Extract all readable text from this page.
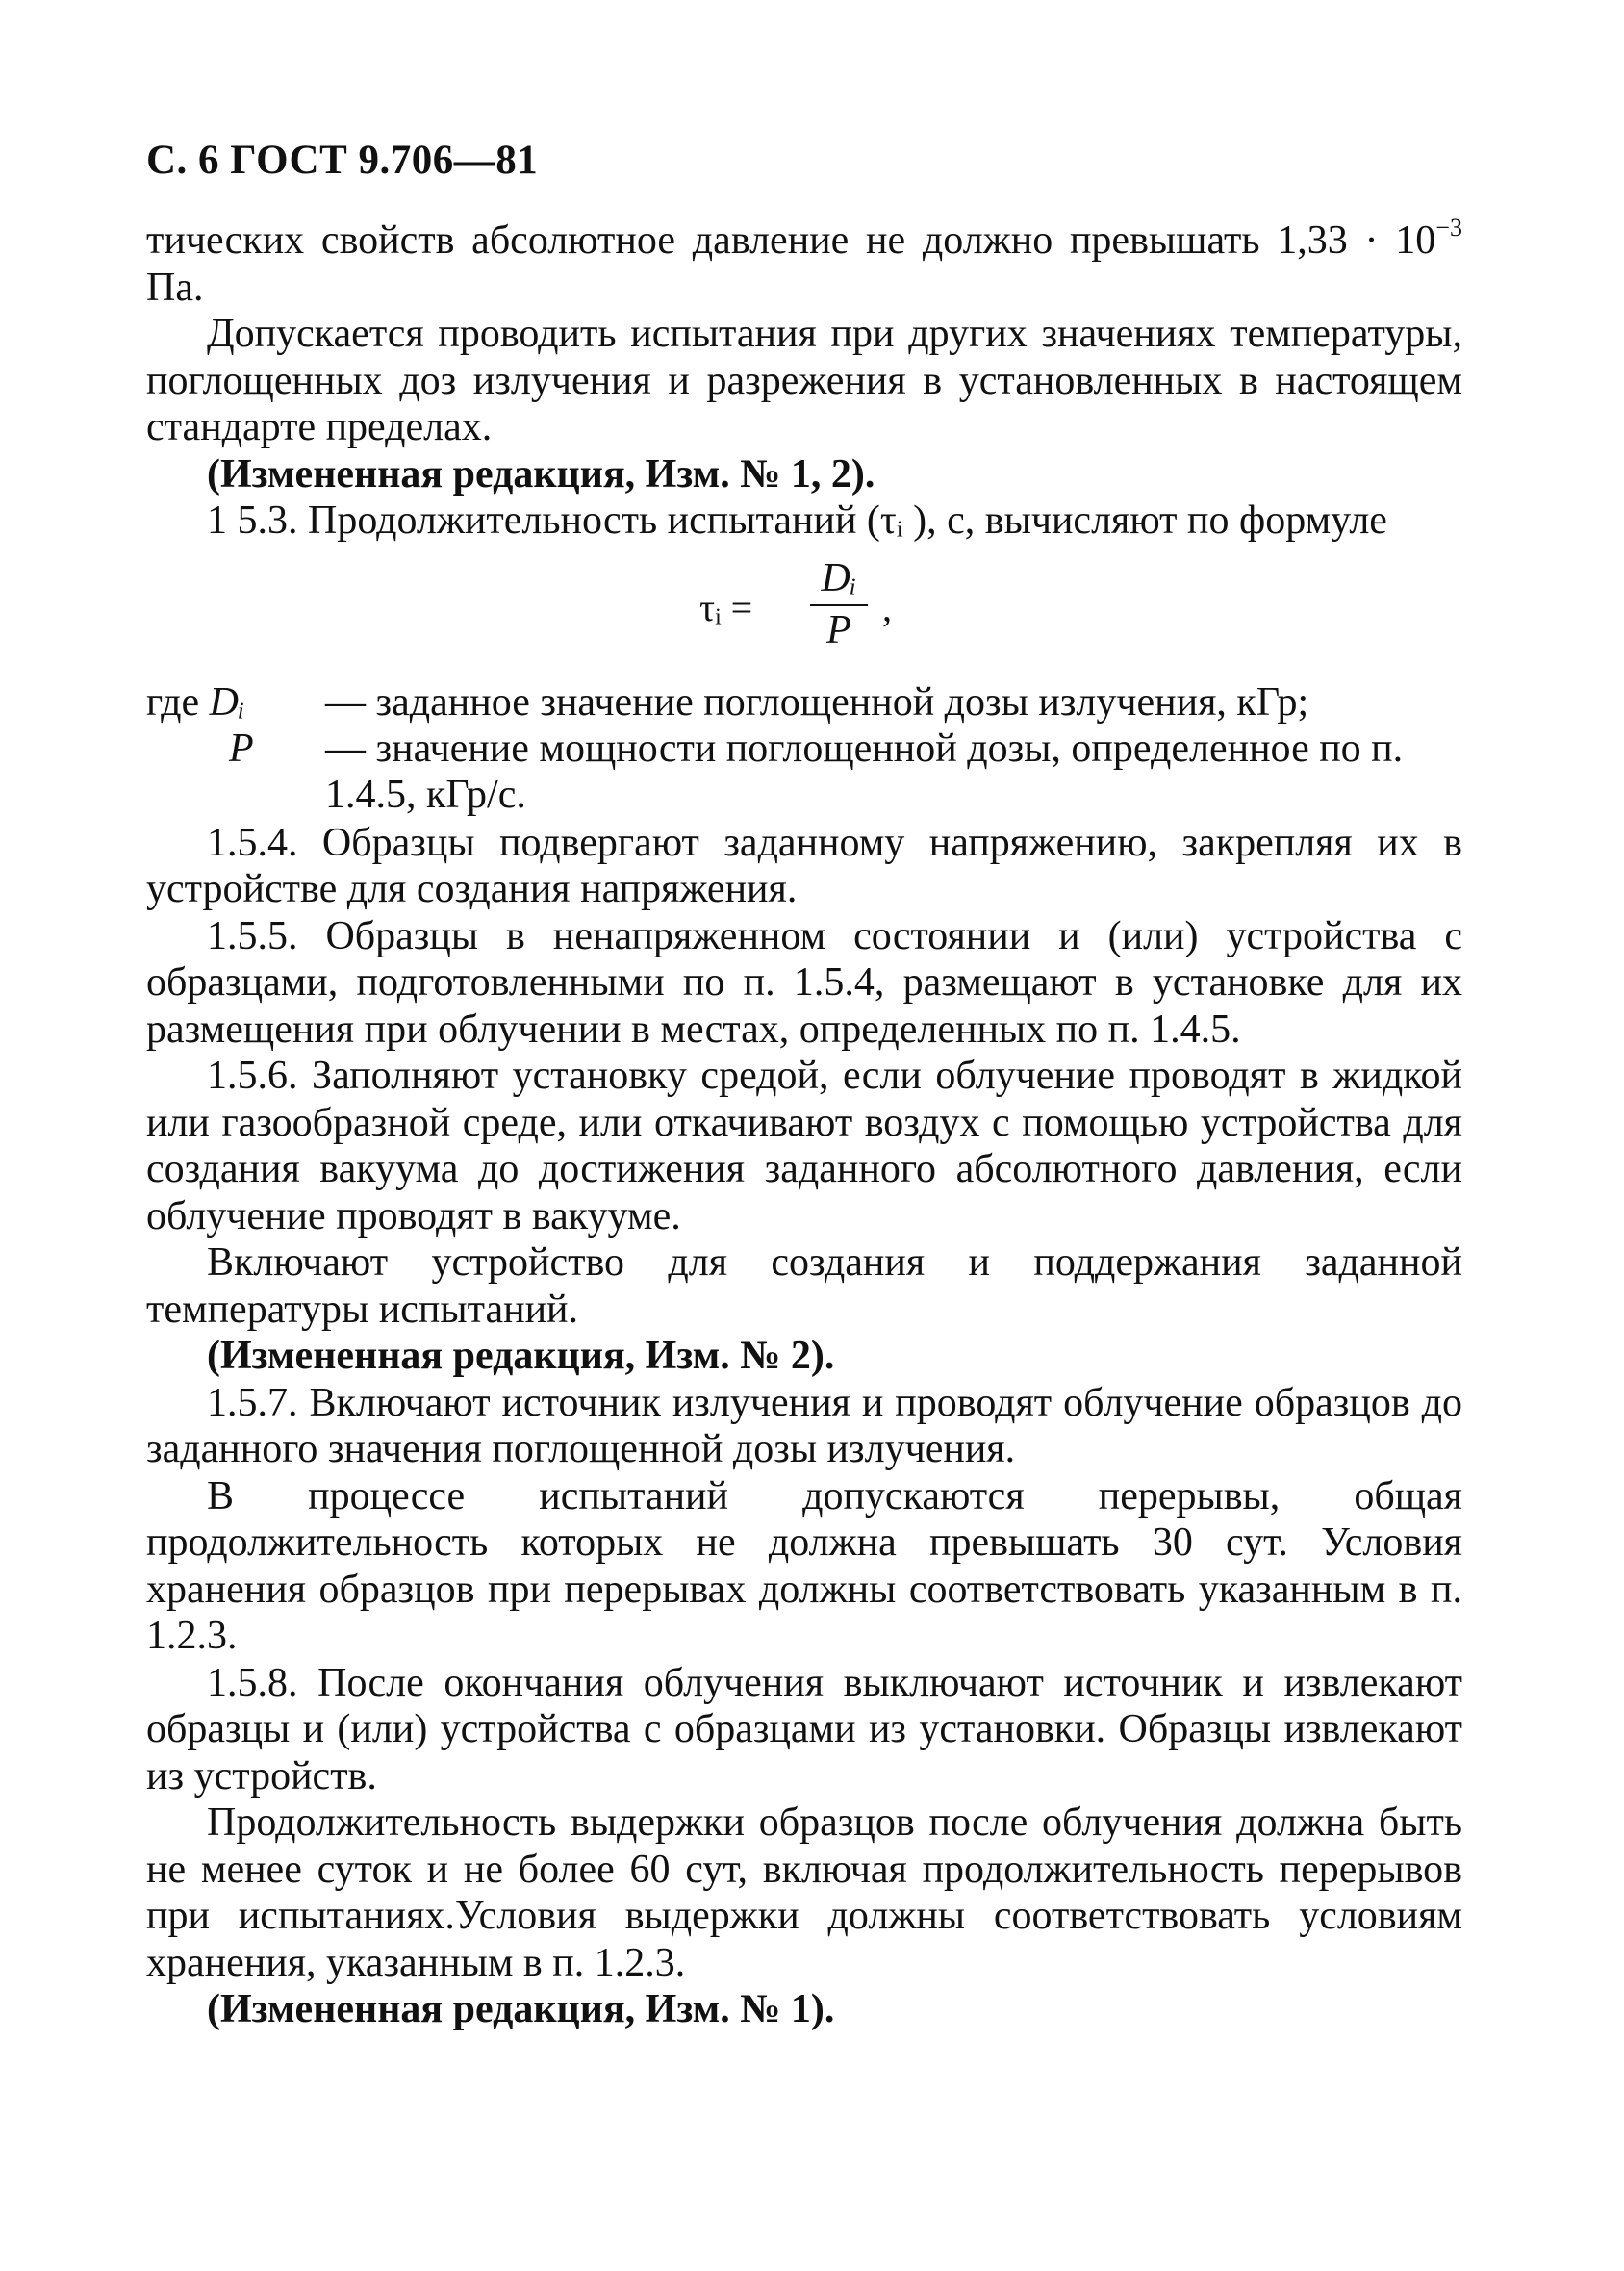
С. 6 ГОСТ 9.706—81

тических свойств абсолютное давление не должно превышать $1,33 \cdot 10^{-3}$ Па.

Допускается проводить испытания при других значениях температуры, поглощенных доз излучения и разрежения в установленных в настоящем стандарте пределах.

(Измененная редакция, Изм. № 1, 2).

1 5.3. Продолжительность испытаний (τᵢ ), с, вычисляют по формуле

τᵢ =
Dᵢ
P
,
где Dᵢ — заданное значение поглощенной дозы излучения, кГр;
P — значение мощности поглощенной дозы, определенное по п.
1.4.5, кГр/с.

1.5.4. Образцы подвергают заданному напряжению, закрепляя их в устройстве для создания напряжения.

1.5.5. Образцы в ненапряженном состоянии и (или) устройства с образцами, подготовленными по п. 1.5.4, размещают в установке для их размещения при облучении в местах, определенных по п. 1.4.5.

1.5.6. Заполняют установку средой, если облучение проводят в жидкой или газообразной среде, или откачивают воздух с помощью устройства для создания вакуума до достижения заданного абсолютного давления, если облучение проводят в вакууме.

Включают устройство для создания и поддержания заданной температуры испытаний.

(Измененная редакция, Изм. № 2).

1.5.7. Включают источник излучения и проводят облучение образцов до заданного значения поглощенной дозы излучения.

В процессе испытаний допускаются перерывы, общая продолжительность которых не должна превышать 30 сут. Условия хранения образцов при перерывах должны соответствовать указанным в п. 1.2.3.

1.5.8. После окончания облучения выключают источник и извлекают образцы и (или) устройства с образцами из установки. Образцы извлекают из устройств.

Продолжительность выдержки образцов после облучения должна быть не менее суток и не более 60 сут, включая продолжительность перерывов при испытаниях.Условия выдержки должны соответствовать условиям хранения, указанным в п. 1.2.3.

(Измененная редакция, Изм. № 1).
